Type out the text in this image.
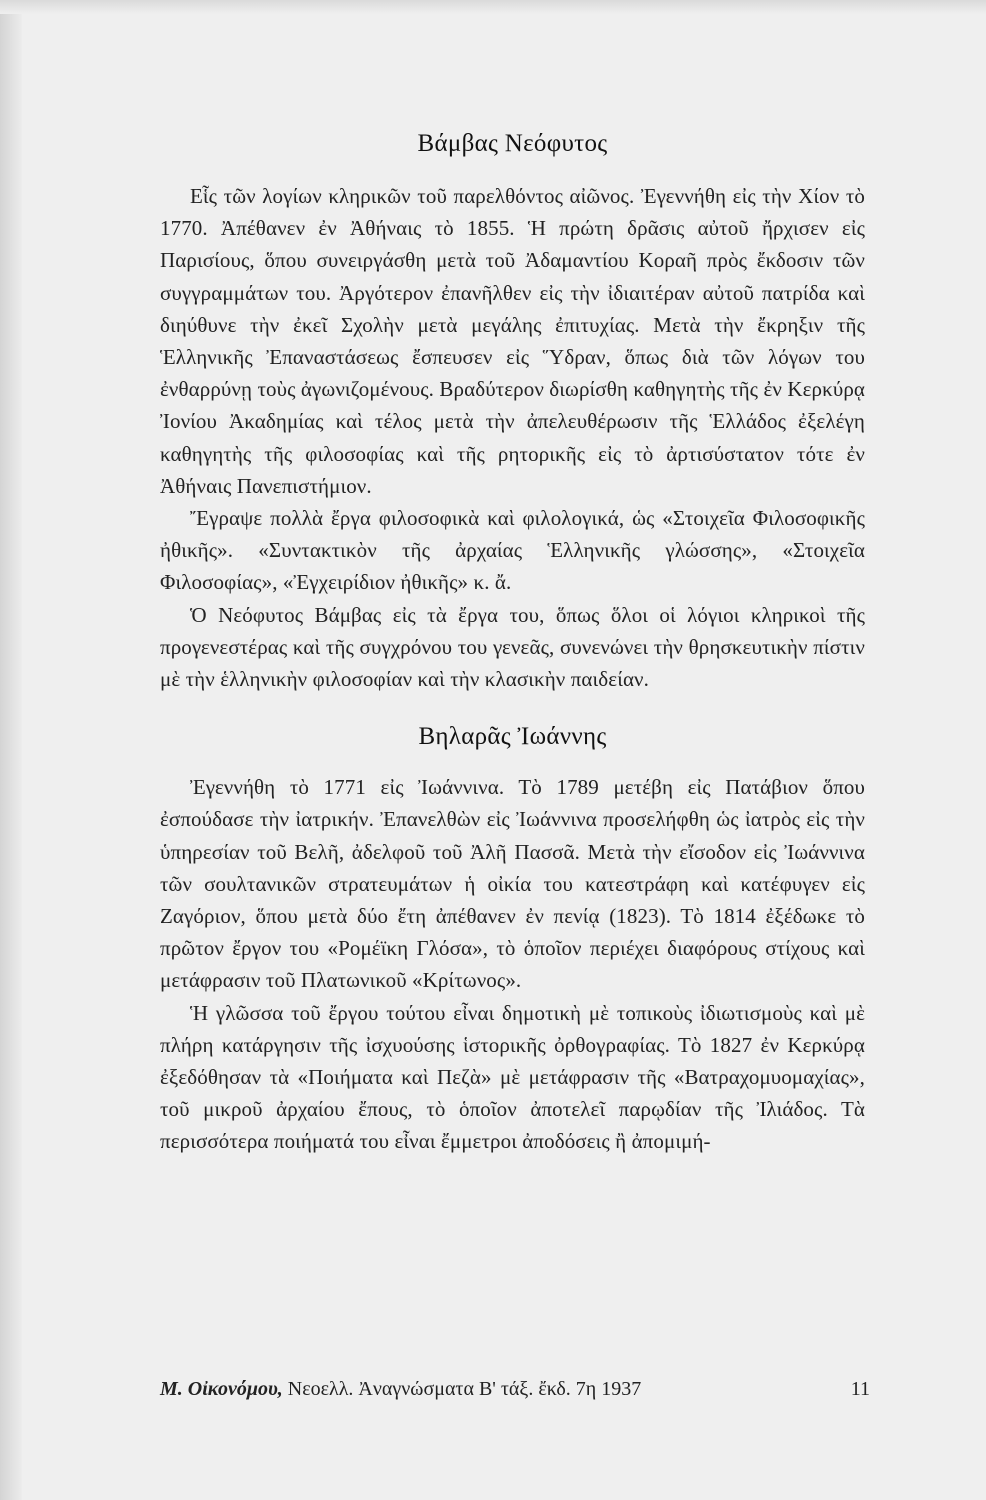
Βάμβας Νεόφυτος

Εἷς τῶν λογίων κληρικῶν τοῦ παρελθόντος αἰῶνος. Ἐγεννήθη εἰς τὴν Χίον τὸ 1770. Ἀπέθανεν ἐν Ἀθήναις τὸ 1855. Ἡ πρώτη δρᾶσις αὐτοῦ ἤρχισεν εἰς Παρισίους, ὅπου συνειργάσθη μετὰ τοῦ Ἀδαμαντίου Κοραῆ πρὸς ἔκδοσιν τῶν συγγραμμάτων του. Ἀργότερον ἐπανῆλθεν εἰς τὴν ἰδιαιτέραν αὐτοῦ πατρίδα καὶ διηύθυνε τὴν ἐκεῖ Σχολὴν μετὰ μεγάλης ἐπιτυχίας. Μετὰ τὴν ἔκρηξιν τῆς Ἑλληνικῆς Ἐπαναστάσεως ἔσπευσεν εἰς Ὕδραν, ὅπως διὰ τῶν λόγων του ἐνθαρρύνῃ τοὺς ἀγωνιζομένους. Βραδύτερον διωρίσθη καθηγητὴς τῆς ἐν Κερκύρᾳ Ἰονίου Ἀκαδημίας καὶ τέλος μετὰ τὴν ἀπελευθέρωσιν τῆς Ἑλλάδος ἐξελέγη καθηγητὴς τῆς φιλοσοφίας καὶ τῆς ρητορικῆς εἰς τὸ ἀρτισύστατον τότε ἐν Ἀθήναις Πανεπιστήμιον.

Ἔγραψε πολλὰ ἔργα φιλοσοφικὰ καὶ φιλολογικά, ὡς «Στοιχεῖα Φιλοσοφικῆς ἠθικῆς». «Συντακτικὸν τῆς ἀρχαίας Ἑλληνικῆς γλώσσης», «Στοιχεῖα Φιλοσοφίας», «Ἐγχειρίδιον ἠθικῆς» κ. ἄ.

Ὁ Νεόφυτος Βάμβας εἰς τὰ ἔργα του, ὅπως ὅλοι οἱ λόγιοι κληρικοὶ τῆς προγενεστέρας καὶ τῆς συγχρόνου του γενεᾶς, συνενώνει τὴν θρησκευτικὴν πίστιν μὲ τὴν ἑλληνικὴν φιλοσοφίαν καὶ τὴν κλασικὴν παιδείαν.

Βηλαρᾶς Ἰωάννης

Ἐγεννήθη τὸ 1771 εἰς Ἰωάννινα. Τὸ 1789 μετέβη εἰς Πατάβιον ὅπου ἐσπούδασε τὴν ἰατρικήν. Ἐπανελθὼν εἰς Ἰωάννινα προσελήφθη ὡς ἰατρὸς εἰς τὴν ὑπηρεσίαν τοῦ Βελῆ, ἀδελφοῦ τοῦ Ἀλῆ Πασσᾶ. Μετὰ τὴν εἴσοδον εἰς Ἰωάννινα τῶν σουλτανικῶν στρατευμάτων ἡ οἰκία του κατεστράφη καὶ κατέφυγεν εἰς Ζαγόριον, ὅπου μετὰ δύο ἔτη ἀπέθανεν ἐν πενίᾳ (1823). Τὸ 1814 ἐξέδωκε τὸ πρῶτον ἔργον του «Ρομέϊκη Γλόσα», τὸ ὁποῖον περιέχει διαφόρους στίχους καὶ μετάφρασιν τοῦ Πλατωνικοῦ «Κρίτωνος».

Ἡ γλῶσσα τοῦ ἔργου τούτου εἶναι δημοτικὴ μὲ τοπικοὺς ἰδιωτισμοὺς καὶ μὲ πλήρη κατάργησιν τῆς ἰσχυούσης ἱστορικῆς ὀρθογραφίας. Τὸ 1827 ἐν Κερκύρᾳ ἐξεδόθησαν τὰ «Ποιήματα καὶ Πεζὰ» μὲ μετάφρασιν τῆς «Βατραχομυομαχίας», τοῦ μικροῦ ἀρχαίου ἔπους, τὸ ὁποῖον ἀποτελεῖ παρῳδίαν τῆς Ἰλιάδος. Τὰ περισσότερα ποιήματά του εἶναι ἔμμετροι ἀποδόσεις ἢ ἀπομιμή-

Μ. Οἰκονόμου, Νεοελλ. Ἀναγνώσματα Β' τάξ. ἔκδ. 7η 1937	11
